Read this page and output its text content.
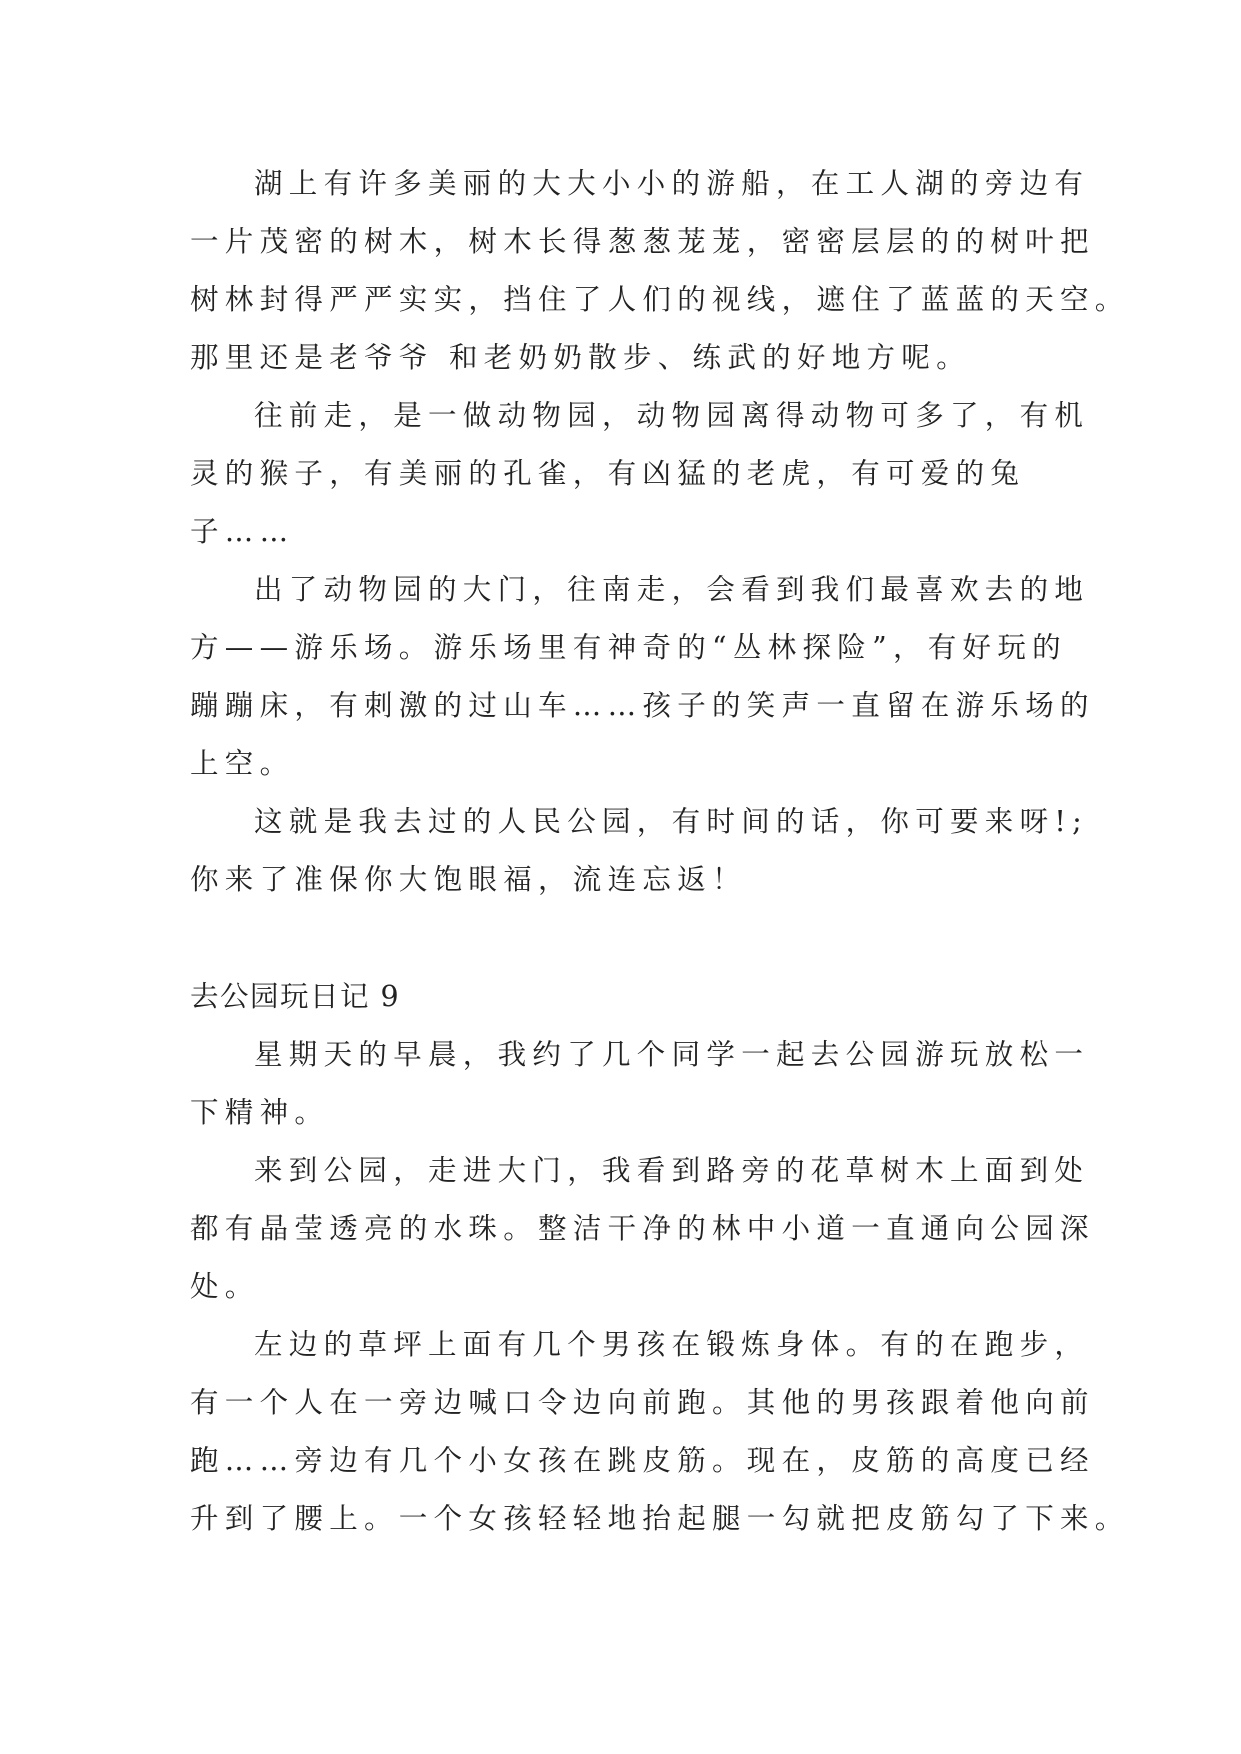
湖上有许多美丽的大大小小的游船，在工人湖的旁边有
一片茂密的树木，树木长得葱葱茏茏，密密层层的的树叶把
树林封得严严实实，挡住了人们的视线，遮住了蓝蓝的天空。
那里还是老爷爷 和老奶奶散步、练武的好地方呢。
往前走，是一做动物园，动物园离得动物可多了，有机
灵的猴子，有美丽的孔雀，有凶猛的老虎，有可爱的兔
子……
出了动物园的大门，往南走，会看到我们最喜欢去的地
方——游乐场。游乐场里有神奇的“丛林探险”，有好玩的
蹦蹦床，有刺激的过山车……孩子的笑声一直留在游乐场的
上空。
这就是我去过的人民公园，有时间的话，你可要来呀!;
你来了准保你大饱眼福，流连忘返！
去公园玩日记 9
星期天的早晨，我约了几个同学一起去公园游玩放松一
下精神。
来到公园，走进大门，我看到路旁的花草树木上面到处
都有晶莹透亮的水珠。整洁干净的林中小道一直通向公园深
处。
左边的草坪上面有几个男孩在锻炼身体。有的在跑步，
有一个人在一旁边喊口令边向前跑。其他的男孩跟着他向前
跑……旁边有几个小女孩在跳皮筋。现在，皮筋的高度已经
升到了腰上。一个女孩轻轻地抬起腿一勾就把皮筋勾了下来。
